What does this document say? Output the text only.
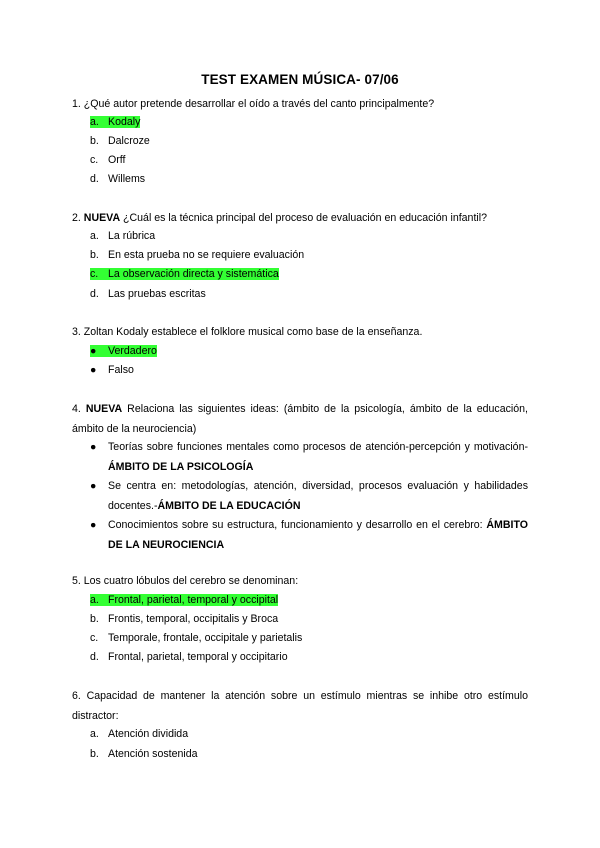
TEST EXAMEN MÚSICA- 07/06
1. ¿Qué autor pretende desarrollar el oído a través del canto principalmente?
a. Kodaly
b. Dalcroze
c. Orff
d. Willems
2. NUEVA ¿Cuál es la técnica principal del proceso de evaluación en educación infantil?
a. La rúbrica
b. En esta prueba no se requiere evaluación
c. La observación directa y sistemática
d. Las pruebas escritas
3. Zoltan Kodaly establece el folklore musical como base de la enseñanza.
● Verdadero
● Falso
4. NUEVA Relaciona las siguientes ideas: (ámbito de la psicología, ámbito de la educación, ámbito de la neurociencia)
●	Teorías sobre funciones mentales como procesos de atención-percepción y motivación-ÁMBITO DE LA PSICOLOGÍA
●	Se centra en: metodologías, atención, diversidad, procesos evaluación y habilidades docentes.-ÁMBITO DE LA EDUCACIÓN
●	Conocimientos sobre su estructura, funcionamiento y desarrollo en el cerebro: ÁMBITO DE LA NEUROCIENCIA
5. Los cuatro lóbulos del cerebro se denominan:
a. Frontal, parietal, temporal y occipital
b. Frontis, temporal, occipitalis y Broca
c. Temporale, frontale, occipitale y parietalis
d. Frontal, parietal, temporal y occipitario
6. Capacidad de mantener la atención sobre un estímulo mientras se inhibe otro estímulo distractor:
a. Atención dividida
b. Atención sostenida
